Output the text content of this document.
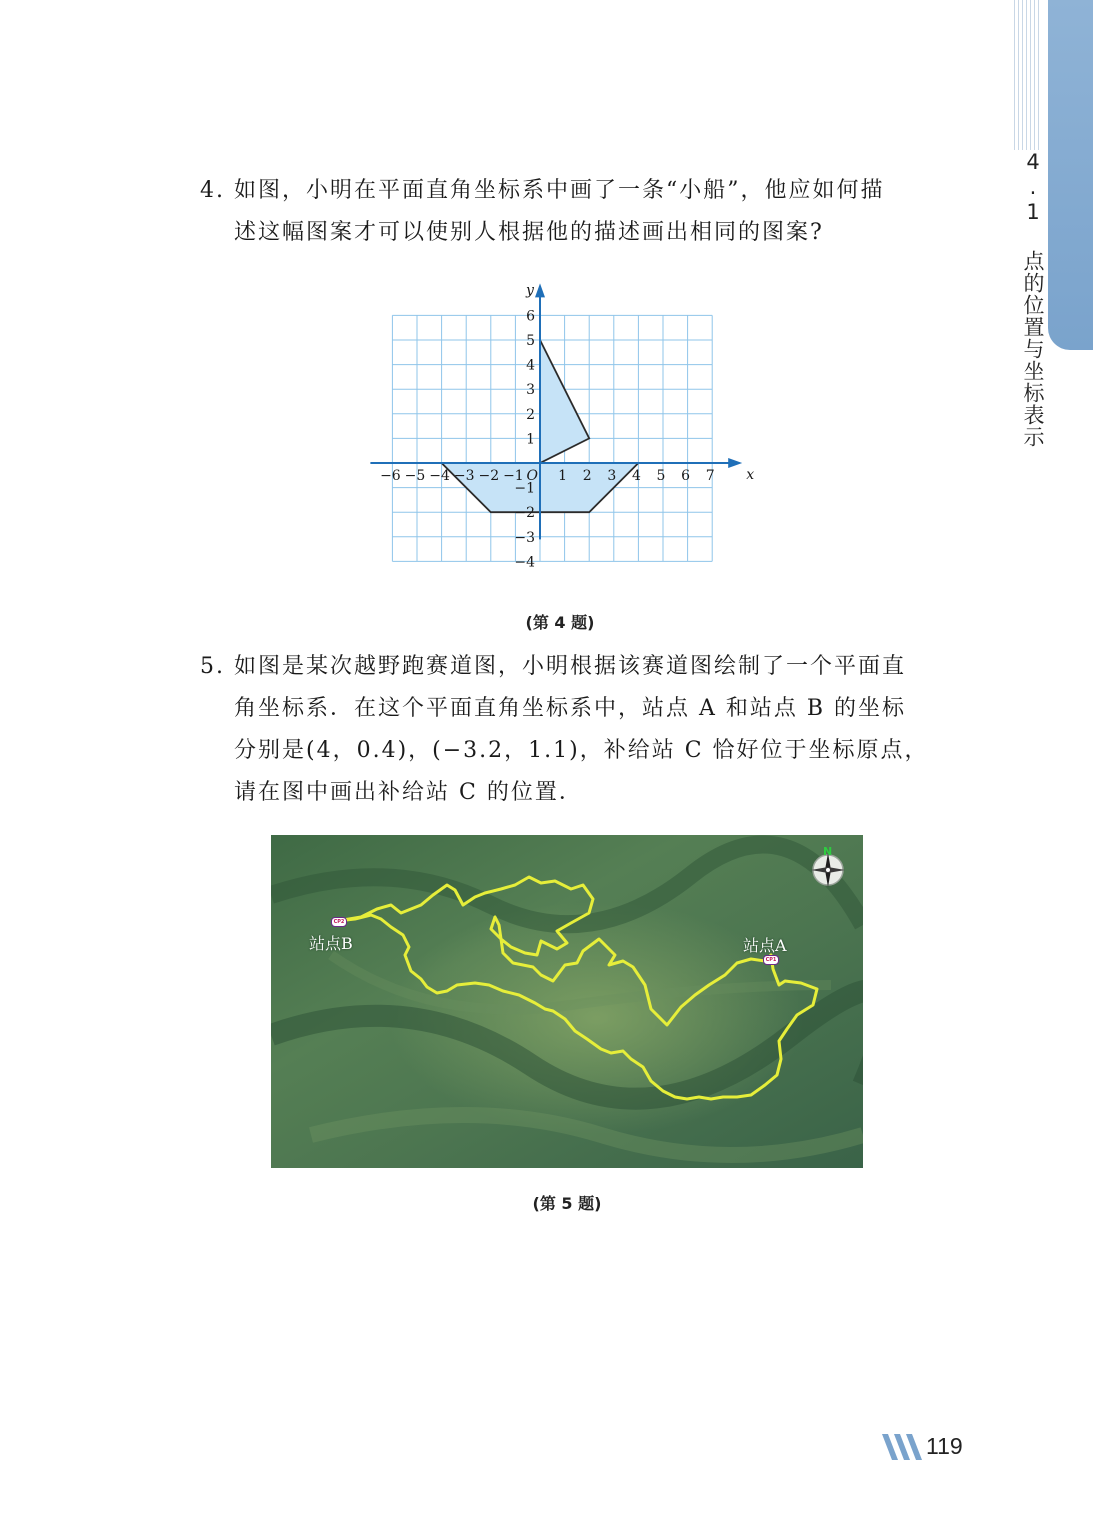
4.1 点的位置与坐标表示
4. 如图，小明在平面直角坐标系中画了一条“小船”，他应如何描
述这幅图案才可以使别人根据他的描述画出相同的图案?
−6 −5 −4 −3 −2 −1 1 2 3 4 5 6 7
6
5
4
3
2
1
−1
−2
−3
−4
O	x
y
(第 4 题)
5. 如图是某次越野跑赛道图，小明根据该赛道图绘制了一个平面直
角坐标系．在这个平面直角坐标系中，站点 A 和站点 B 的坐标
分别是(4，0.4)，(−3.2，1.1)，补给站 C 恰好位于坐标原点，
请在图中画出补给站 C 的位置．
CP2
CP1
站点B	站点A
N
(第 5 题)
119
